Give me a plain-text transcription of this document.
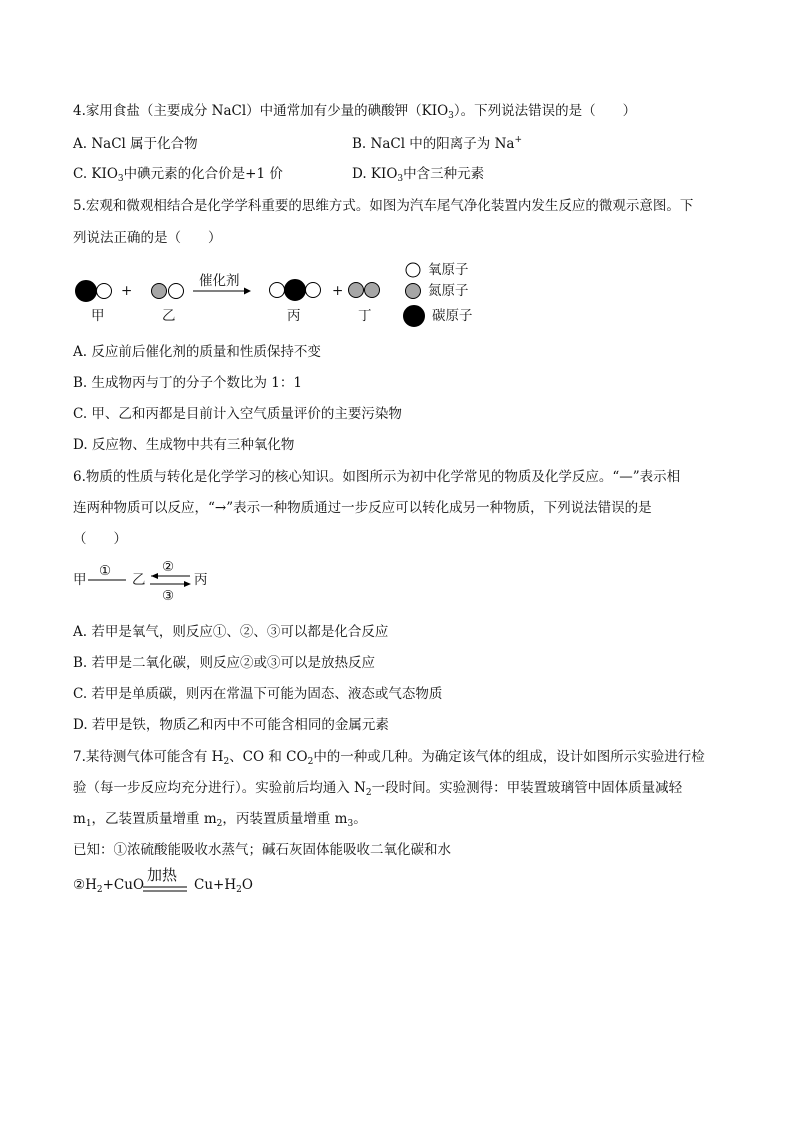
4.家用食盐（主要成分 NaCl）中通常加有少量的碘酸钾$(KIO_3)$。下列说法错误的是（　　）
A. NaCl 属于化合物	B. NaCl 中的阳离子为 Na+
C. $KIO_3$中碘元素的化合价是+1 价	D. $KIO_3$中含三种元素
5.宏观和微观相结合是化学学科重要的思维方式。如图为汽车尾气净化装置内发生反应的微观示意图。下
列说法正确的是（　　）
+	+
催化剂
甲	乙	丙	丁
氧原子
氮原子
碳原子
A. 反应前后催化剂的质量和性质保持不变
B. 生成物丙与丁的分子个数比为 1：1
C. 甲、乙和丙都是目前计入空气质量评价的主要污染物
D. 反应物、生成物中共有三种氧化物
6.物质的性质与转化是化学学习的核心知识。如图所示为初中化学常见的物质及化学反应。“—”表示相
连两种物质可以反应，“→”表示一种物质通过一步反应可以转化成另一种物质，下列说法错误的是
（　　）
甲	乙	丙
①	②
③
A. 若甲是氧气，则反应①、②、③可以都是化合反应
B. 若甲是二氧化碳，则反应②或③可以是放热反应
C. 若甲是单质碳，则丙在常温下可能为固态、液态或气态物质
D. 若甲是铁，物质乙和丙中不可能含相同的金属元素
7.某待测气体可能含有 $H_2$、CO 和 $CO_2$中的一种或几种。为确定该气体的组成，设计如图所示实验进行检
验（每一步反应均充分进行）。实验前后均通入 $N_2$一段时间。实验测得：甲装置玻璃管中固体质量减轻
$m_1$，乙装置质量增重 $m_2$，丙装置质量增重 $m_3$。
已知：①浓硫酸能吸收水蒸气；碱石灰固体能吸收二氧化碳和水
$②H_2+CuO$
加热
$Cu+H_2O$
